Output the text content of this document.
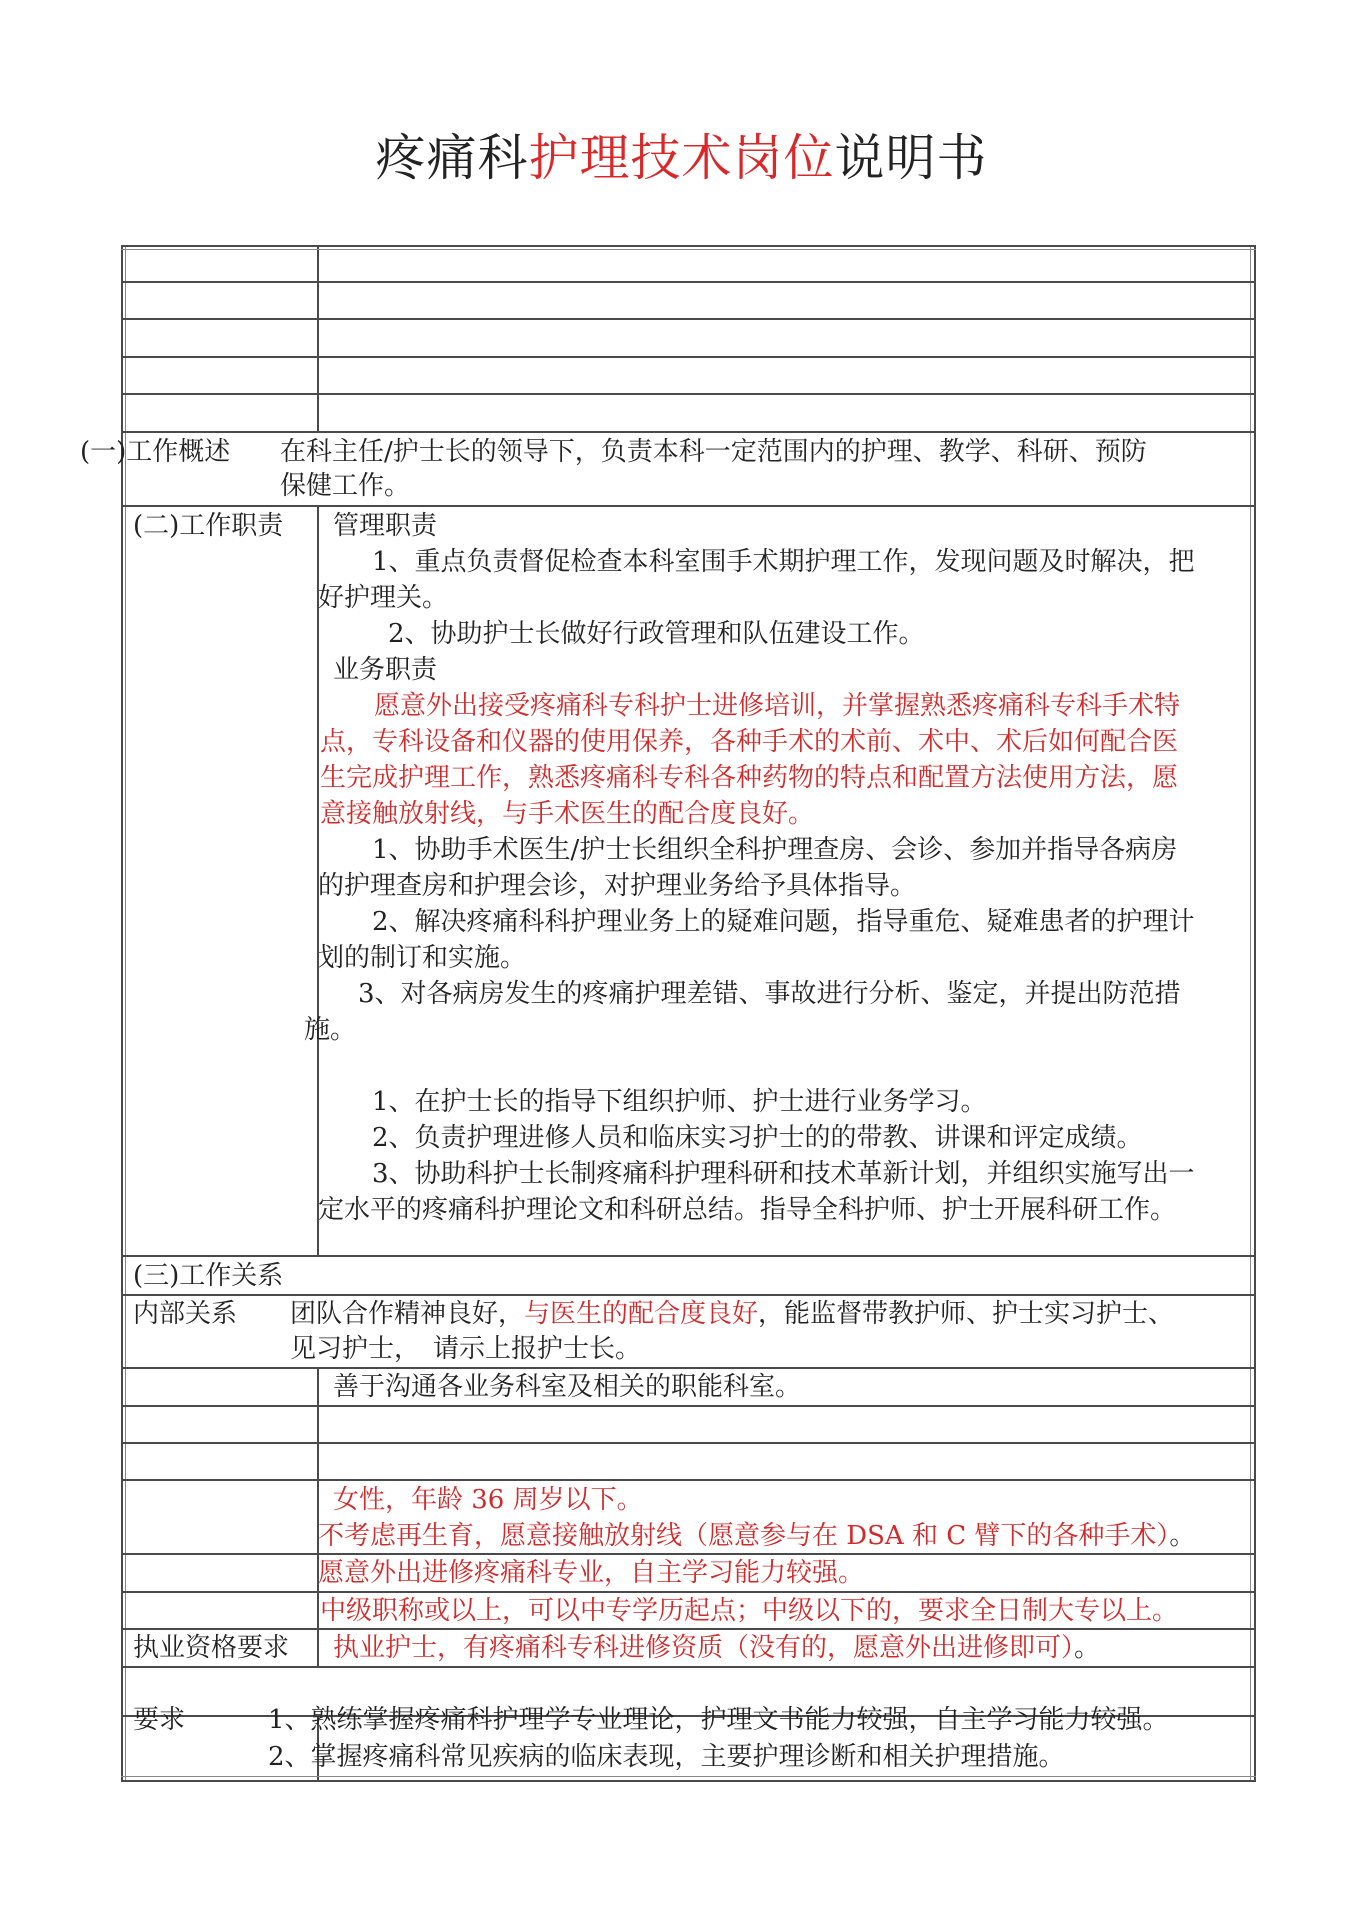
疼痛科护理技术岗位说明书
(一)工作概述 在科主任/护士长的领导下，负责本科一定范围内的护理、教学、科研、预防
保健工作。
(二)工作职责 管理职责
1、重点负责督促检查本科室围手术期护理工作，发现问题及时解决，把
好护理关。
2、协助护士长做好行政管理和队伍建设工作。
业务职责
愿意外出接受疼痛科专科护士进修培训，并掌握熟悉疼痛科专科手术特
点，专科设备和仪器的使用保养，各种手术的术前、术中、术后如何配合医
生完成护理工作，熟悉疼痛科专科各种药物的特点和配置方法使用方法，愿
意接触放射线，与手术医生的配合度良好。
1、协助手术医生/护士长组织全科护理查房、会诊、参加并指导各病房
的护理查房和护理会诊，对护理业务给予具体指导。
2、解决疼痛科科护理业务上的疑难问题，指导重危、疑难患者的护理计
划的制订和实施。
3、对各病房发生的疼痛护理差错、事故进行分析、鉴定，并提出防范措
施。
1、在护士长的指导下组织护师、护士进行业务学习。
2、负责护理进修人员和临床实习护士的的带教、讲课和评定成绩。
3、协助科护士长制疼痛科护理科研和技术革新计划，并组织实施写出一
定水平的疼痛科护理论文和科研总结。指导全科护师、护士开展科研工作。
(三)工作关系
内部关系 团队合作精神良好，与医生的配合度良好，能监督带教护师、护士实习护士、
见习护士，　请示上报护士长。
善于沟通各业务科室及相关的职能科室。
女性，年龄 36 周岁以下。
不考虑再生育，愿意接触放射线（愿意参与在 DSA 和 C 臂下的各种手术）。
愿意外出进修疼痛科专业，自主学习能力较强。
中级职称或以上，可以中专学历起点；中级以下的，要求全日制大专以上。
执业资格要求 执业护士，有疼痛科专科进修资质（没有的，愿意外出进修即可）。
要求	1、熟练掌握疼痛科护理学专业理论，护理文书能力较强，自主学习能力较强。
2、掌握疼痛科常见疾病的临床表现，主要护理诊断和相关护理措施。
